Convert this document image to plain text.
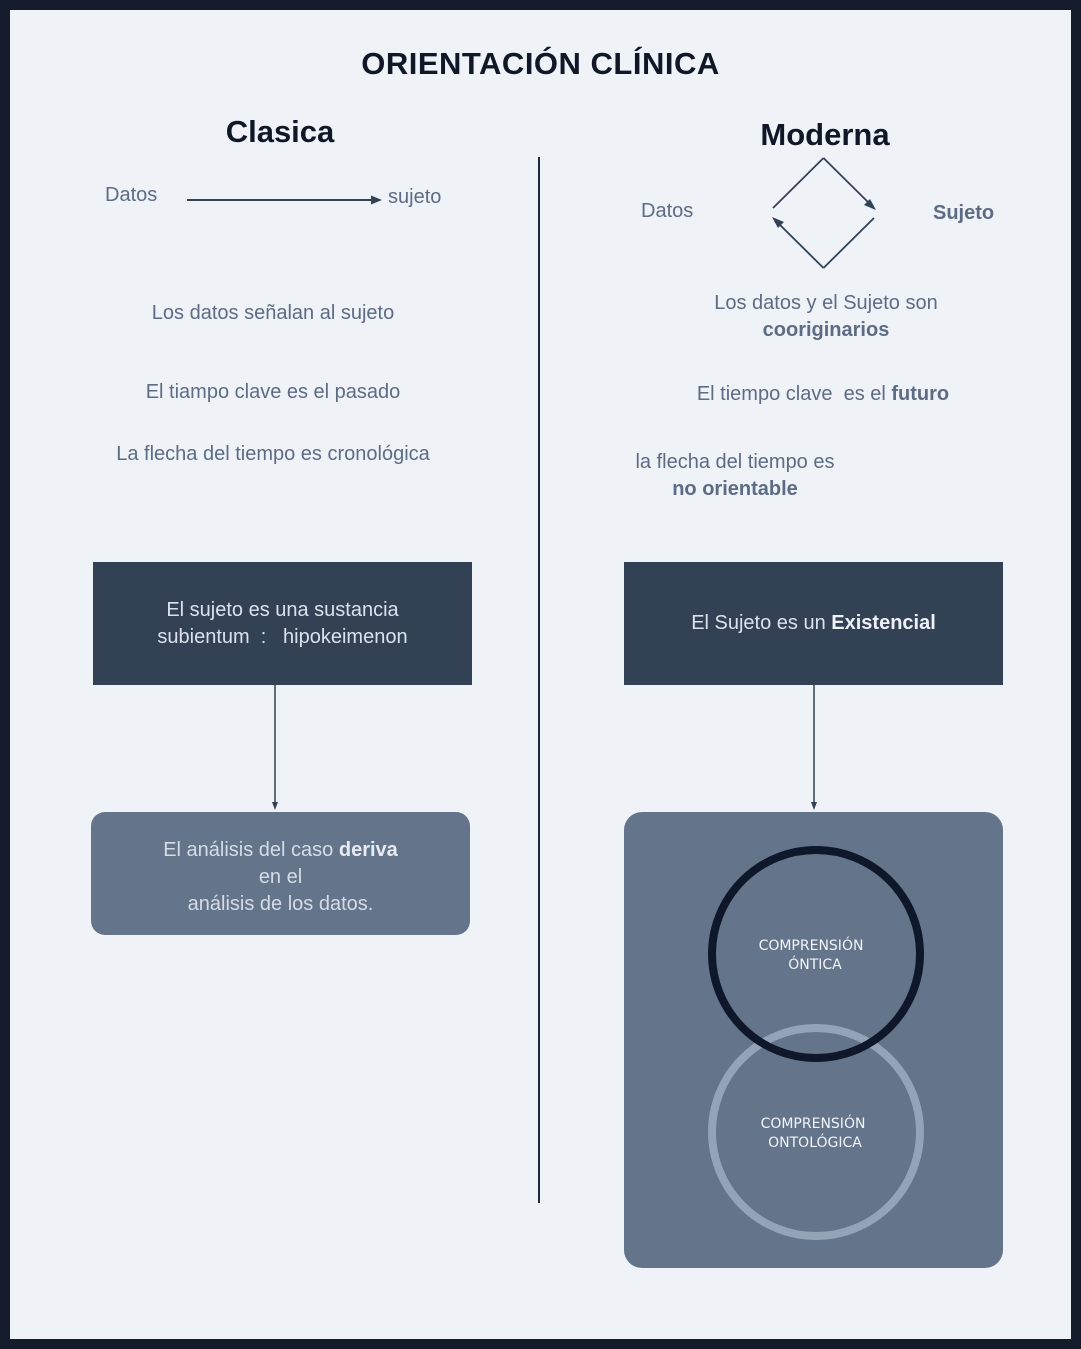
ORIENTACIÓN CLÍNICA
Clasica
Datos	sujeto
Los datos señalan al sujeto
El tiampo clave es el pasado
La flecha del tiempo es cronológica
El sujeto es una sustancia
subientum  :   hipokeimenon
El análisis del caso deriva
en el
análisis de los datos.
Moderna
Datos	Sujeto
Los datos y el Sujeto son
cooriginarios
El tiempo clave  es el futuro
la flecha del tiempo es
no orientable
El Sujeto es un Existencial
COMPRENSIÓN
ÓNTICA
COMPRENSIÓN
ONTOLÓGICA
